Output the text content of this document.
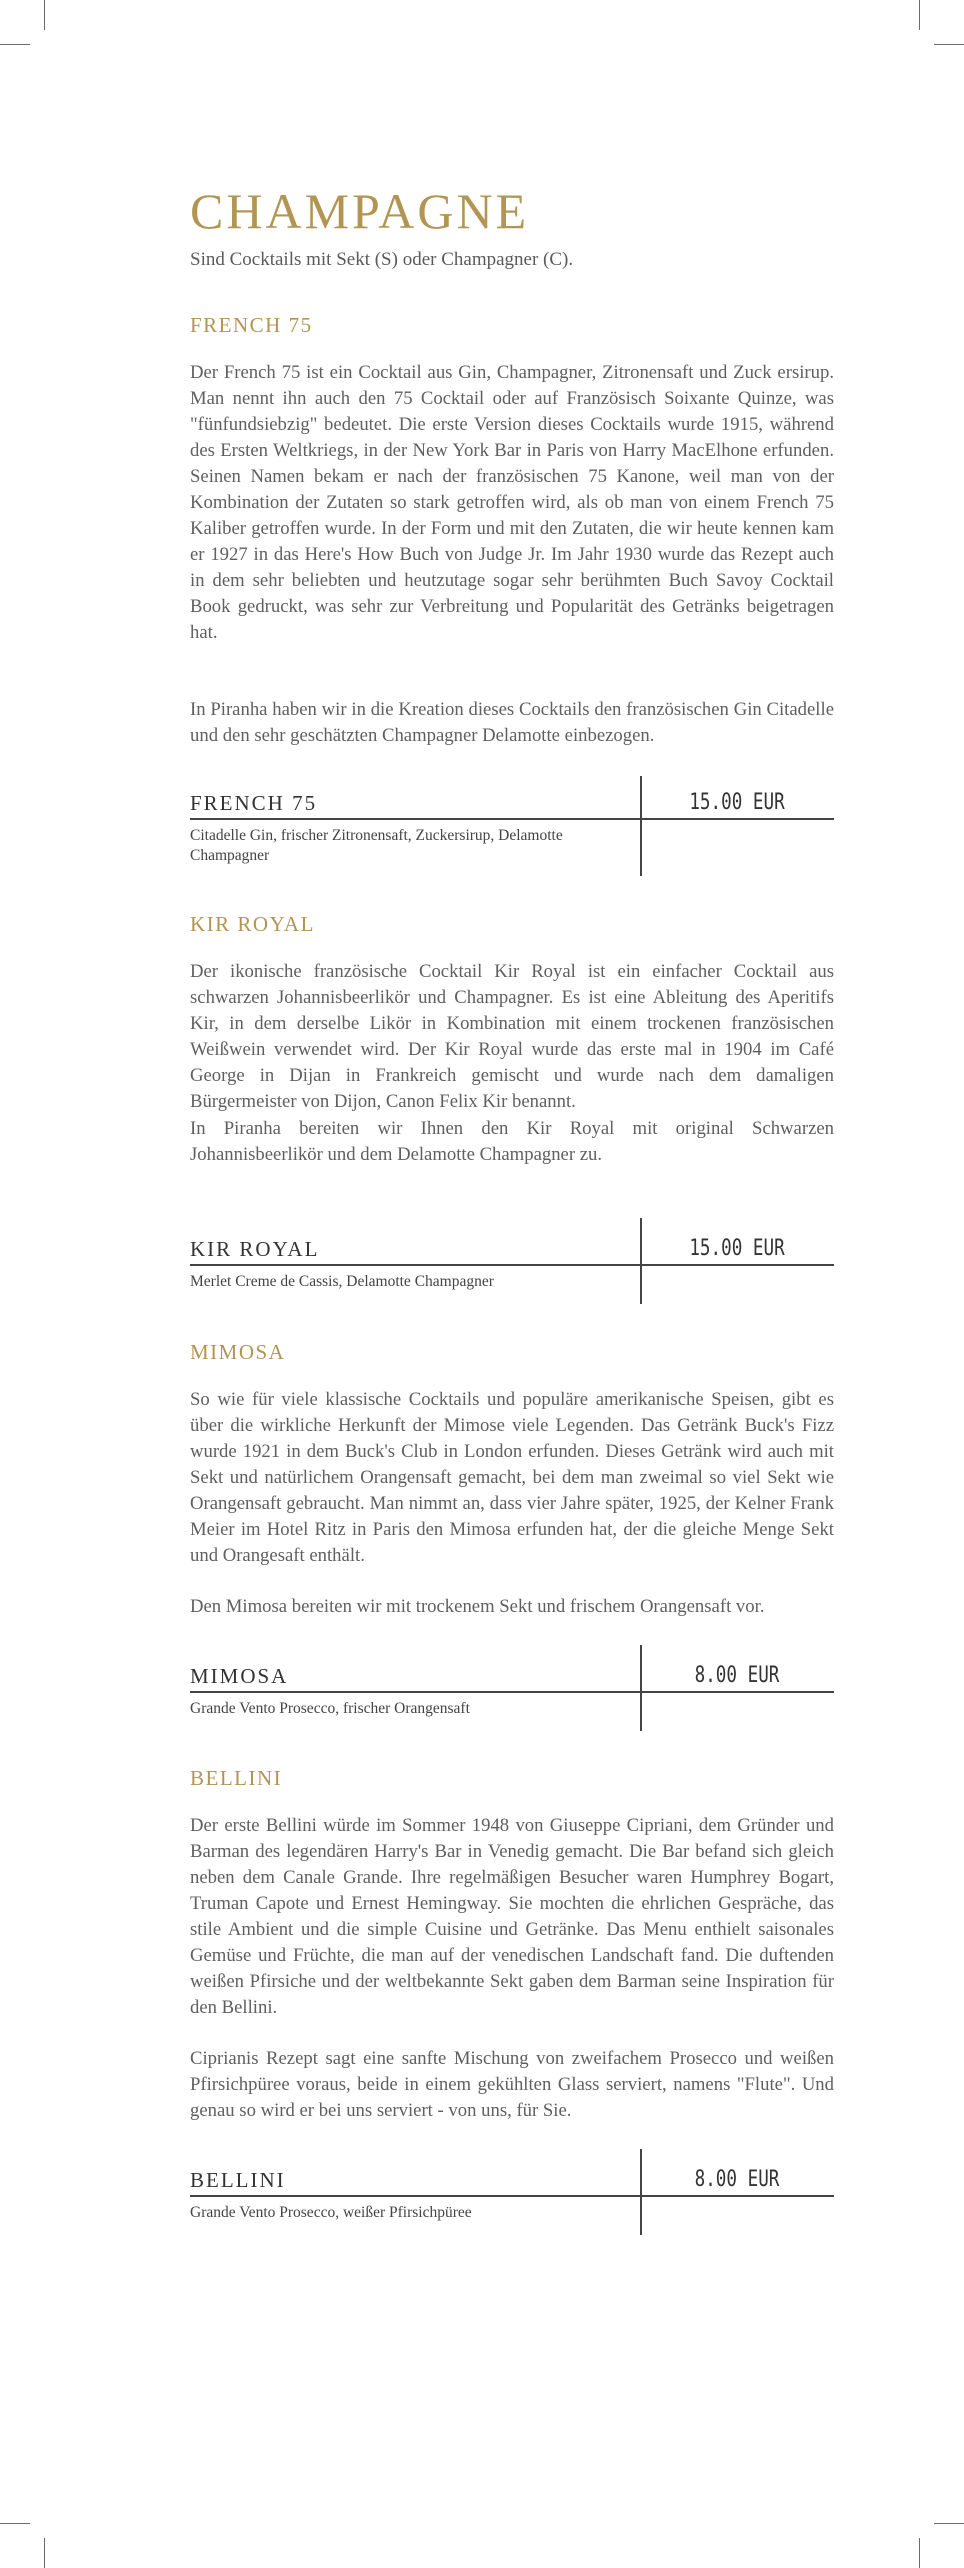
CHAMPAGNE

Sind Cocktails mit Sekt (S) oder Champagner (C).

FRENCH 75

Der French 75 ist ein Cocktail aus Gin, Champagner, Zitronensaft und Zuck ersirup. Man nennt ihn auch den 75 Cocktail oder auf Französisch Soixante Quinze, was "fünfundsiebzig" bedeutet. Die erste Version dieses Cocktails wurde 1915, während des Ersten Weltkriegs, in der New York Bar in Paris von Harry MacElhone erfunden. Seinen Namen bekam er nach der französischen 75 Kanone, weil man von der Kombination der Zutaten so stark getroffen wird, als ob man von einem French 75 Kaliber getroffen wurde. In der Form und mit den Zutaten, die wir heute kennen kam er 1927 in das Here's How Buch von Judge Jr. Im Jahr 1930 wurde das Rezept auch in dem sehr beliebten und heutzutage sogar sehr berühmten Buch Savoy Cocktail Book gedruckt, was sehr zur Verbreitung und Popularität des Getränks beigetragen hat.

In Piranha haben wir in die Kreation dieses Cocktails den französischen Gin Citadelle und den sehr geschätzten Champagner Delamotte einbezogen.

FRENCH 75	15.00 EUR

Citadelle Gin, frischer Zitronensaft, Zuckersirup, Delamotte Champagner

KIR ROYAL

Der ikonische französische Cocktail Kir Royal ist ein einfacher Cocktail aus schwarzen Johannisbeerlikör und Champagner. Es ist eine Ableitung des Aperitifs Kir, in dem derselbe Likör in Kombination mit einem trockenen französischen Weißwein verwendet wird. Der Kir Royal wurde das erste mal in 1904 im Café George in Dijan in Frankreich gemischt und wurde nach dem damaligen Bürgermeister von Dijon, Canon Felix Kir benannt.

In Piranha bereiten wir Ihnen den Kir Royal mit original Schwarzen Johannisbeerlikör und dem Delamotte Champagner zu.

KIR ROYAL	15.00 EUR

Merlet Creme de Cassis, Delamotte Champagner

MIMOSA

So wie für viele klassische Cocktails und populäre amerikanische Speisen, gibt es über die wirkliche Herkunft der Mimose viele Legenden. Das Getränk Buck's Fizz wurde 1921 in dem Buck's Club in London erfunden. Dieses Getränk wird auch mit Sekt und natürlichem Orangensaft gemacht, bei dem man zweimal so viel Sekt wie Orangensaft gebraucht. Man nimmt an, dass vier Jahre später, 1925, der Kelner Frank Meier im Hotel Ritz in Paris den Mimosa erfunden hat, der die gleiche Menge Sekt und Orangesaft enthält.

Den Mimosa bereiten wir mit trockenem Sekt und frischem Orangensaft vor.

MIMOSA	8.00 EUR

Grande Vento Prosecco, frischer Orangensaft

BELLINI

Der erste Bellini würde im Sommer 1948 von Giuseppe Cipriani, dem Gründer und Barman des legendären Harry's Bar in Venedig gemacht. Die Bar befand sich gleich neben dem Canale Grande. Ihre regelmäßigen Besucher waren Humphrey Bogart, Truman Capote und Ernest Hemingway. Sie mochten die ehrlichen Gespräche, das stile Ambient und die simple Cuisine und Getränke. Das Menu enthielt saisonales Gemüse und Früchte, die man auf der venedischen Landschaft fand. Die duftenden weißen Pfirsiche und der weltbekannte Sekt gaben dem Barman seine Inspiration für den Bellini.

Ciprianis Rezept sagt eine sanfte Mischung von zweifachem Prosecco und weißen Pfirsichpüree voraus, beide in einem gekühlten Glass serviert, namens "Flute". Und genau so wird er bei uns serviert - von uns, für Sie.

BELLINI	8.00 EUR

Grande Vento Prosecco, weißer Pfirsichpüree
